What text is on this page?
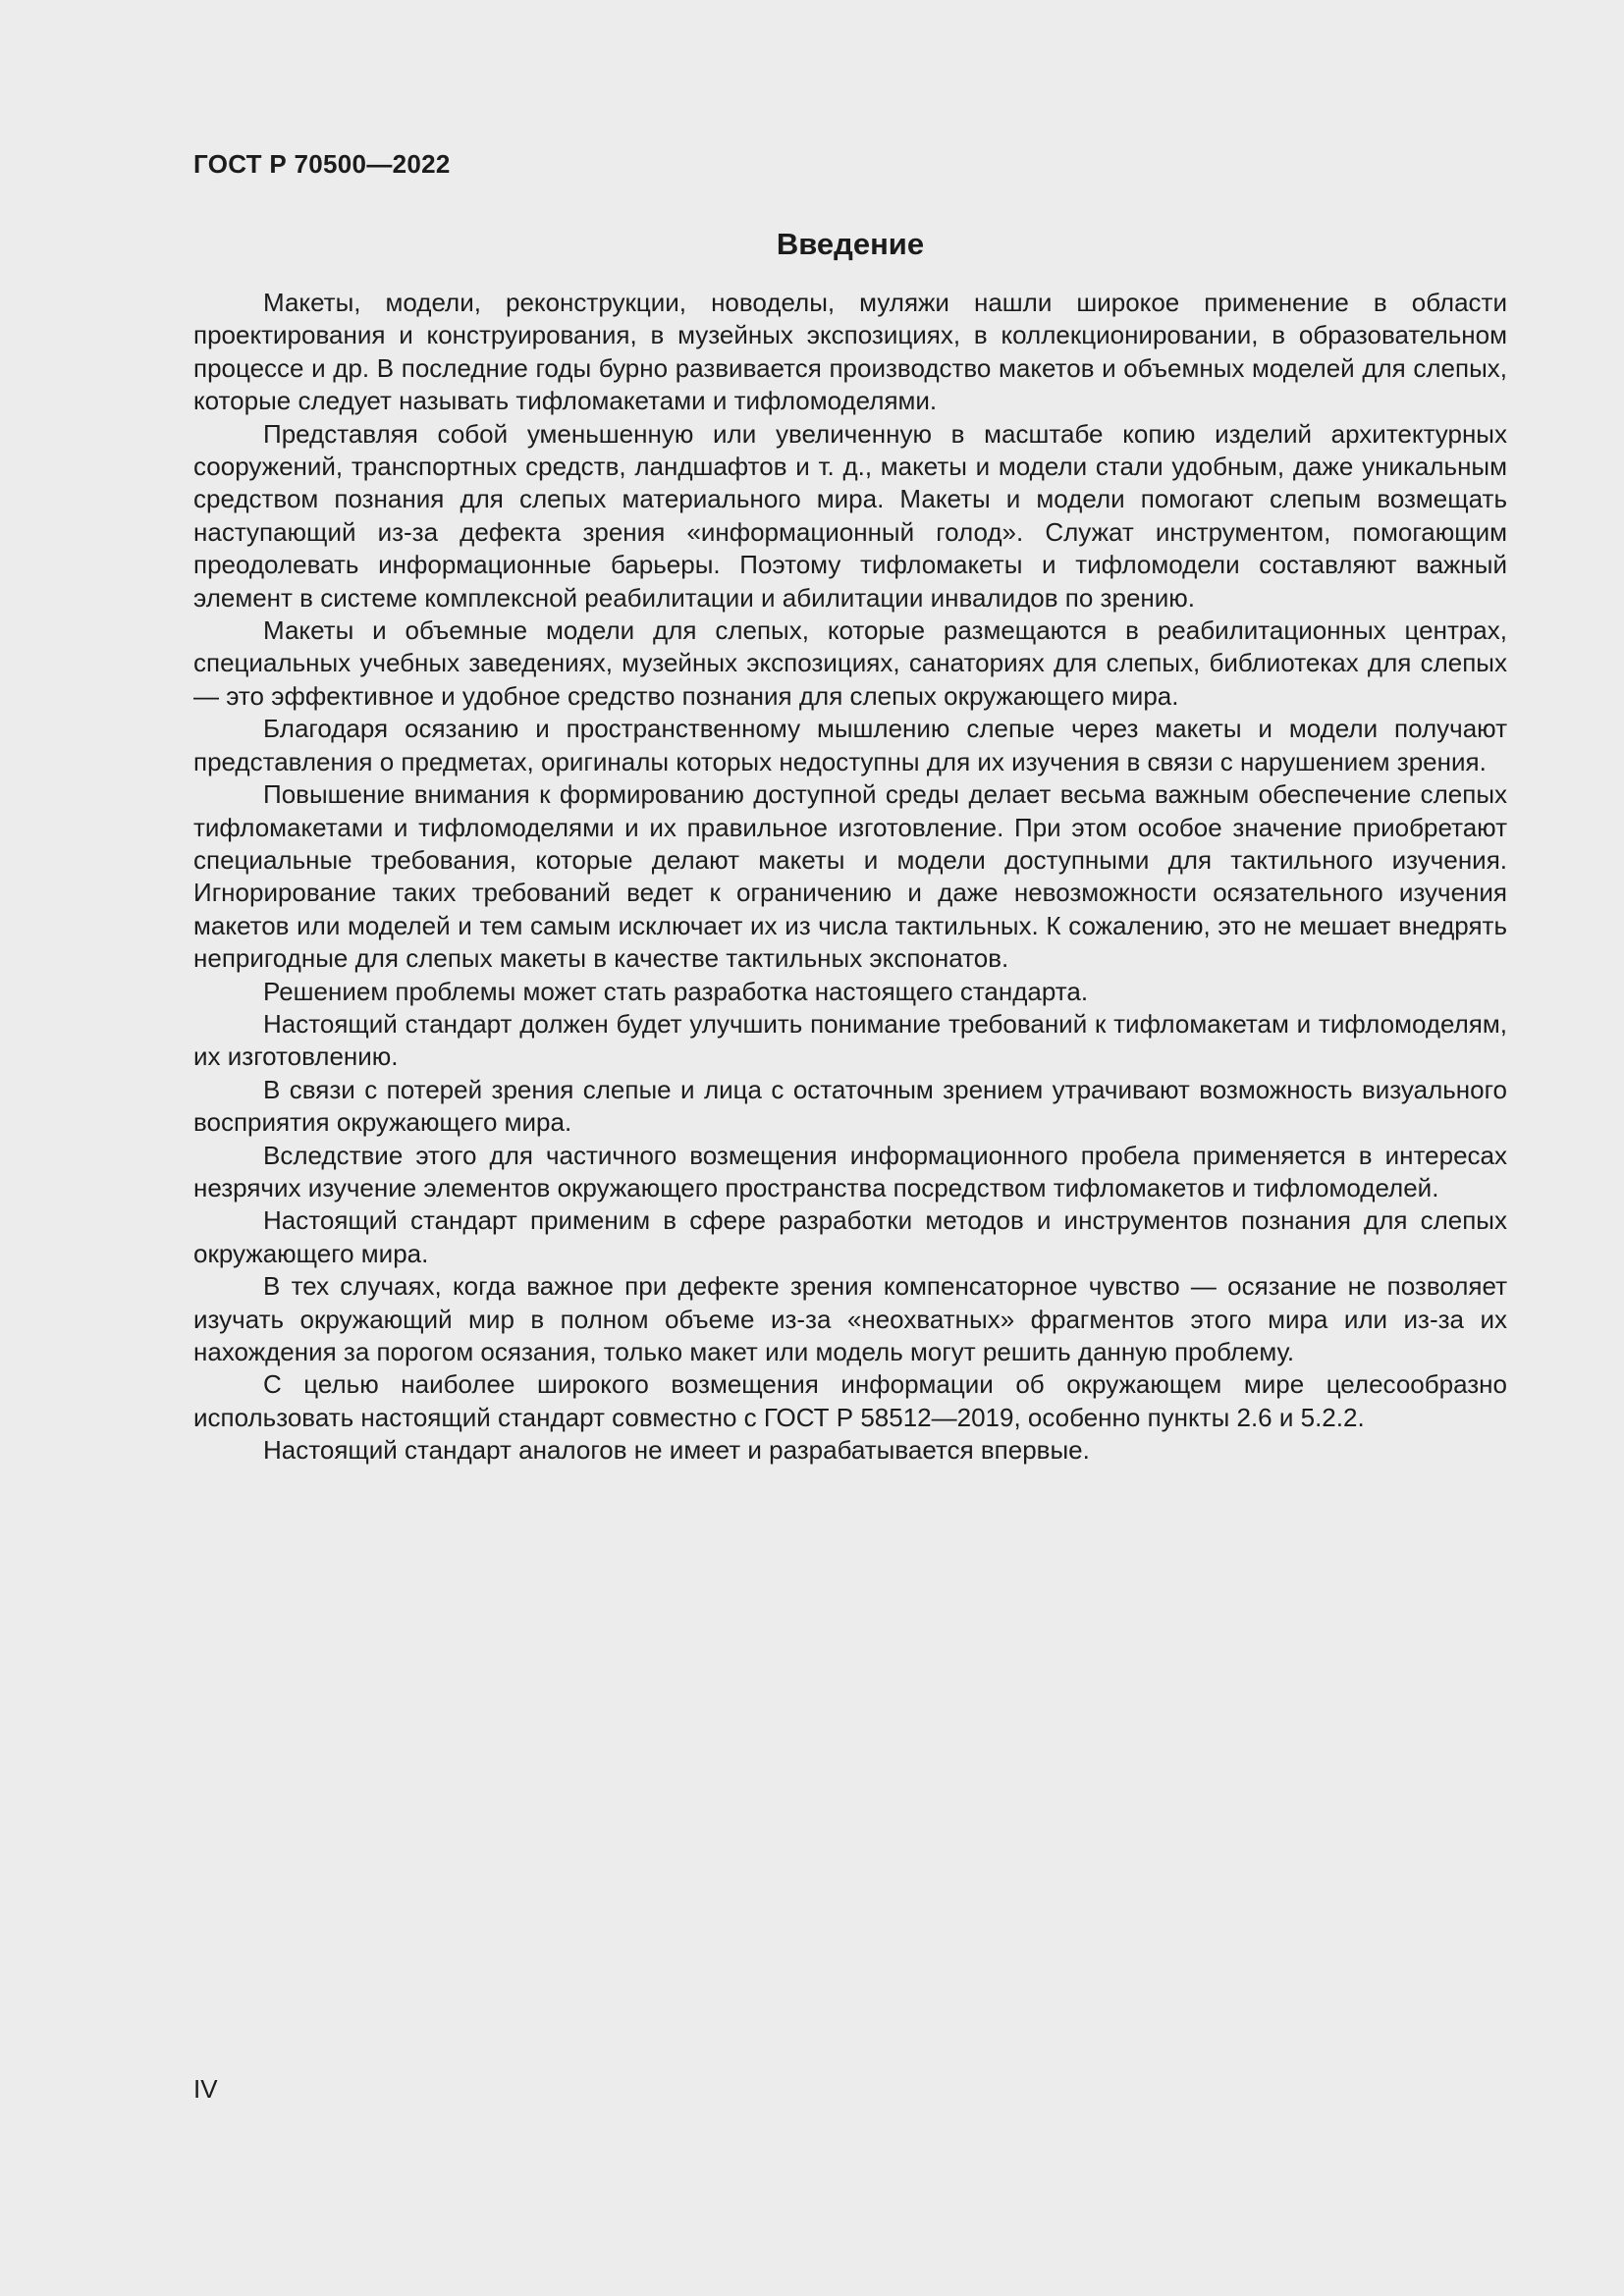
ГОСТ Р 70500—2022
Введение

Макеты, модели, реконструкции, новоделы, муляжи нашли широкое применение в области проектирования и конструирования, в музейных экспозициях, в коллекционировании, в образовательном процессе и др. В последние годы бурно развивается производство макетов и объемных моделей для слепых, которые следует называть тифломакетами и тифломоделями.

Представляя собой уменьшенную или увеличенную в масштабе копию изделий архитектурных сооружений, транспортных средств, ландшафтов и т. д., макеты и модели стали удобным, даже уникальным средством познания для слепых материального мира. Макеты и модели помогают слепым возмещать наступающий из-за дефекта зрения «информационный голод». Служат инструментом, помогающим преодолевать информационные барьеры. Поэтому тифломакеты и тифломодели составляют важный элемент в системе комплексной реабилитации и абилитации инвалидов по зрению.

Макеты и объемные модели для слепых, которые размещаются в реабилитационных центрах, специальных учебных заведениях, музейных экспозициях, санаториях для слепых, библиотеках для слепых — это эффективное и удобное средство познания для слепых окружающего мира.

Благодаря осязанию и пространственному мышлению слепые через макеты и модели получают представления о предметах, оригиналы которых недоступны для их изучения в связи с нарушением зрения.

Повышение внимания к формированию доступной среды делает весьма важным обеспечение слепых тифломакетами и тифломоделями и их правильное изготовление. При этом особое значение приобретают специальные требования, которые делают макеты и модели доступными для тактильного изучения. Игнорирование таких требований ведет к ограничению и даже невозможности осязательного изучения макетов или моделей и тем самым исключает их из числа тактильных. К сожалению, это не мешает внедрять непригодные для слепых макеты в качестве тактильных экспонатов.

Решением проблемы может стать разработка настоящего стандарта.

Настоящий стандарт должен будет улучшить понимание требований к тифломакетам и тифломоделям, их изготовлению.

В связи с потерей зрения слепые и лица с остаточным зрением утрачивают возможность визуального восприятия окружающего мира.

Вследствие этого для частичного возмещения информационного пробела применяется в интересах незрячих изучение элементов окружающего пространства посредством тифломакетов и тифломоделей.

Настоящий стандарт применим в сфере разработки методов и инструментов познания для слепых окружающего мира.

В тех случаях, когда важное при дефекте зрения компенсаторное чувство — осязание не позволяет изучать окружающий мир в полном объеме из-за «неохватных» фрагментов этого мира или из-за их нахождения за порогом осязания, только макет или модель могут решить данную проблему.

С целью наиболее широкого возмещения информации об окружающем мире целесообразно использовать настоящий стандарт совместно с ГОСТ Р 58512—2019, особенно пункты 2.6 и 5.2.2.

Настоящий стандарт аналогов не имеет и разрабатывается впервые.

IV
